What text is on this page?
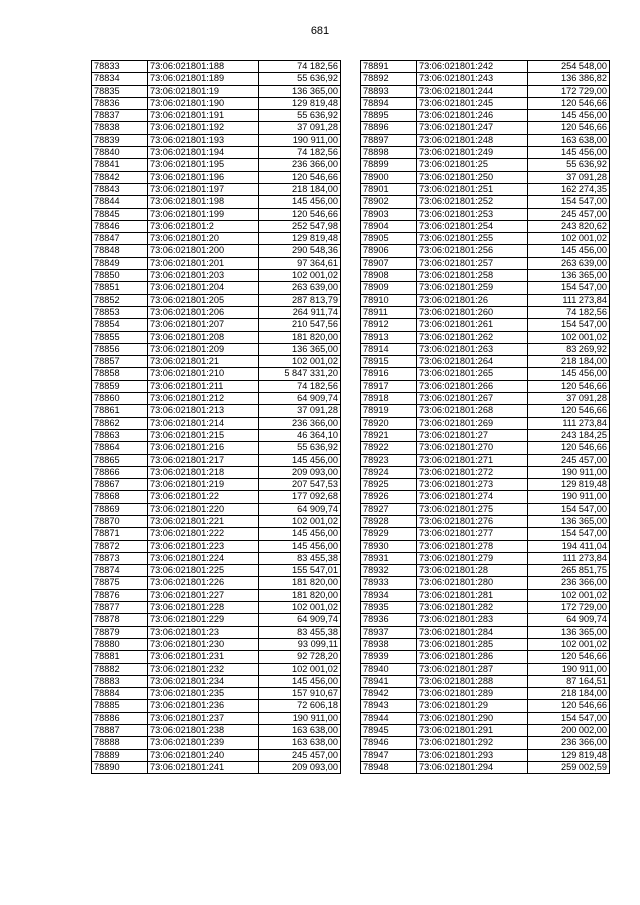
681
78833	73:06:021801:188	74 182,56
78834	73:06:021801:189	55 636,92
78835	73:06:021801:19	136 365,00
78836	73:06:021801:190	129 819,48
78837	73:06:021801:191	55 636,92
78838	73:06:021801:192	37 091,28
78839	73:06:021801:193	190 911,00
78840	73:06:021801:194	74 182,56
78841	73:06:021801:195	236 366,00
78842	73:06:021801:196	120 546,66
78843	73:06:021801:197	218 184,00
78844	73:06:021801:198	145 456,00
78845	73:06:021801:199	120 546,66
78846	73:06:021801:2	252 547,98
78847	73:06:021801:20	129 819,48
78848	73:06:021801:200	290 548,36
78849	73:06:021801:201	97 364,61
78850	73:06:021801:203	102 001,02
78851	73:06:021801:204	263 639,00
78852	73:06:021801:205	287 813,79
78853	73:06:021801:206	264 911,74
78854	73:06:021801:207	210 547,56
78855	73:06:021801:208	181 820,00
78856	73:06:021801:209	136 365,00
78857	73:06:021801:21	102 001,02
78858	73:06:021801:210	5 847 331,20
78859	73:06:021801:211	74 182,56
78860	73:06:021801:212	64 909,74
78861	73:06:021801:213	37 091,28
78862	73:06:021801:214	236 366,00
78863	73:06:021801:215	46 364,10
78864	73:06:021801:216	55 636,92
78865	73:06:021801:217	145 456,00
78866	73:06:021801:218	209 093,00
78867	73:06:021801:219	207 547,53
78868	73:06:021801:22	177 092,68
78869	73:06:021801:220	64 909,74
78870	73:06:021801:221	102 001,02
78871	73:06:021801:222	145 456,00
78872	73:06:021801:223	145 456,00
78873	73:06:021801:224	83 455,38
78874	73:06:021801:225	155 547,01
78875	73:06:021801:226	181 820,00
78876	73:06:021801:227	181 820,00
78877	73:06:021801:228	102 001,02
78878	73:06:021801:229	64 909,74
78879	73:06:021801:23	83 455,38
78880	73:06:021801:230	93 099,11
78881	73:06:021801:231	92 728,20
78882	73:06:021801:232	102 001,02
78883	73:06:021801:234	145 456,00
78884	73:06:021801:235	157 910,67
78885	73:06:021801:236	72 606,18
78886	73:06:021801:237	190 911,00
78887	73:06:021801:238	163 638,00
78888	73:06:021801:239	163 638,00
78889	73:06:021801:240	245 457,00
78890	73:06:021801:241	209 093,00
78891	73:06:021801:242	254 548,00
78892	73:06:021801:243	136 386,82
78893	73:06:021801:244	172 729,00
78894	73:06:021801:245	120 546,66
78895	73:06:021801:246	145 456,00
78896	73:06:021801:247	120 546,66
78897	73:06:021801:248	163 638,00
78898	73:06:021801:249	145 456,00
78899	73:06:021801:25	55 636,92
78900	73:06:021801:250	37 091,28
78901	73:06:021801:251	162 274,35
78902	73:06:021801:252	154 547,00
78903	73:06:021801:253	245 457,00
78904	73:06:021801:254	243 820,62
78905	73:06:021801:255	102 001,02
78906	73:06:021801:256	145 456,00
78907	73:06:021801:257	263 639,00
78908	73:06:021801:258	136 365,00
78909	73:06:021801:259	154 547,00
78910	73:06:021801:26	111 273,84
78911	73:06:021801:260	74 182,56
78912	73:06:021801:261	154 547,00
78913	73:06:021801:262	102 001,02
78914	73:06:021801:263	83 269,92
78915	73:06:021801:264	218 184,00
78916	73:06:021801:265	145 456,00
78917	73:06:021801:266	120 546,66
78918	73:06:021801:267	37 091,28
78919	73:06:021801:268	120 546,66
78920	73:06:021801:269	111 273,84
78921	73:06:021801:27	243 184,25
78922	73:06:021801:270	120 546,66
78923	73:06:021801:271	245 457,00
78924	73:06:021801:272	190 911,00
78925	73:06:021801:273	129 819,48
78926	73:06:021801:274	190 911,00
78927	73:06:021801:275	154 547,00
78928	73:06:021801:276	136 365,00
78929	73:06:021801:277	154 547,00
78930	73:06:021801:278	194 411,04
78931	73:06:021801:279	111 273,84
78932	73:06:021801:28	265 851,75
78933	73:06:021801:280	236 366,00
78934	73:06:021801:281	102 001,02
78935	73:06:021801:282	172 729,00
78936	73:06:021801:283	64 909,74
78937	73:06:021801:284	136 365,00
78938	73:06:021801:285	102 001,02
78939	73:06:021801:286	120 546,66
78940	73:06:021801:287	190 911,00
78941	73:06:021801:288	87 164,51
78942	73:06:021801:289	218 184,00
78943	73:06:021801:29	120 546,66
78944	73:06:021801:290	154 547,00
78945	73:06:021801:291	200 002,00
78946	73:06:021801:292	236 366,00
78947	73:06:021801:293	129 819,48
78948	73:06:021801:294	259 002,59
